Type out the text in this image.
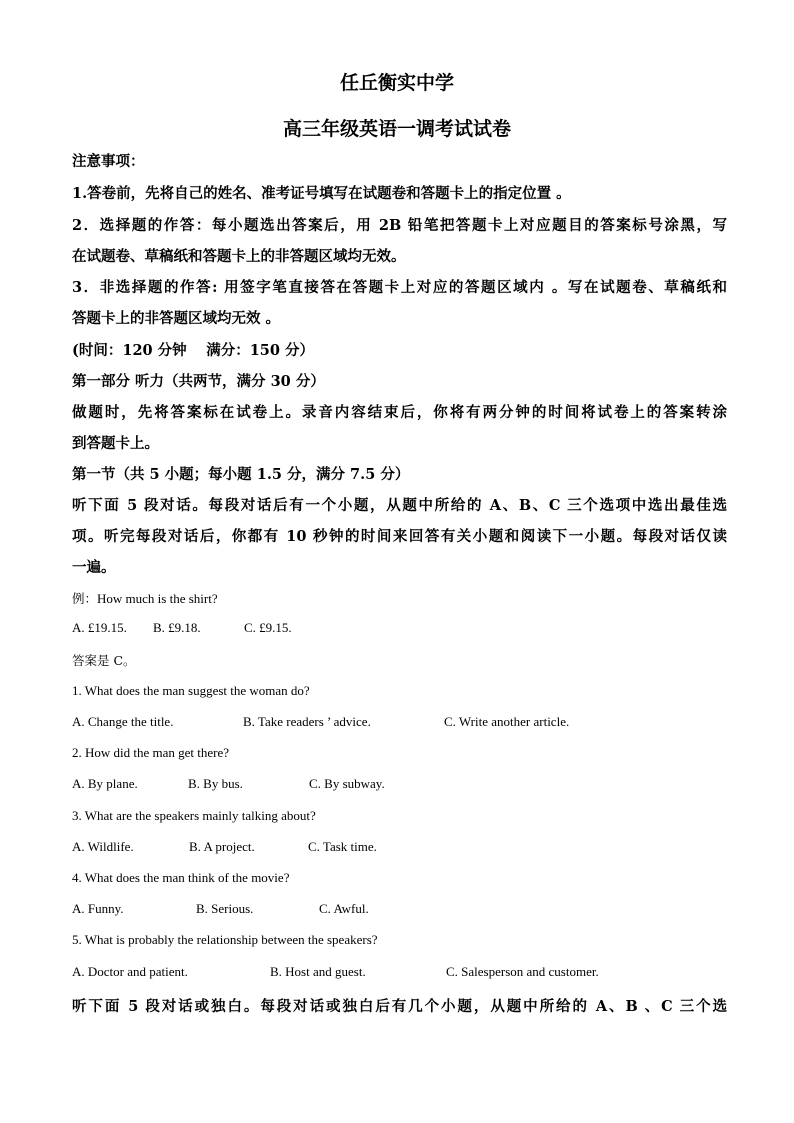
任丘衡实中学
高三年级英语一调考试试卷
注意事项：
1.答卷前，先将自己的姓名、准考证号填写在试题卷和答题卡上的指定位置 。
2．选择题的作答：每小题选出答案后，用 2B 铅笔把答题卡上对应题目的答案标号涂黑，写
在试题卷、草稿纸和答题卡上的非答题区域均无效。
3．非选择题的作答: 用签字笔直接答在答题卡上对应的答题区域内 。写在试题卷、草稿纸和
答题卡上的非答题区域均无效 。
(时间：120 分钟　 满分：150 分）
第一部分 听力（共两节，满分 30 分）
做题时，先将答案标在试卷上。录音内容结束后，你将有两分钟的时间将试卷上的答案转涂
到答题卡上。
第一节（共 5 小题；每小题 1.5 分，满分 7.5 分）
听下面 5 段对话。每段对话后有一个小题，从题中所给的 A、B、C 三个选项中选出最佳选
项。听完每段对话后，你都有 10 秒钟的时间来回答有关小题和阅读下一小题。每段对话仅读
一遍。
例：How much is the shirt?
A. £19.15. B. £9.18.	C. £9.15.
答案是 C。
1. What does the man suggest the woman do?
A. Change the title.	B. Take readers ’ advice.	C. Write another article.
2. How did the man get there?
A. By plane.	B. By bus.	C. By subway.
3. What are the speakers mainly talking about?
A. Wildlife.	B. A project.	C. Task time.
4. What does the man think of the movie?
A. Funny.	B. Serious.	C. Awful.
5. What is probably the relationship between the speakers?
A. Doctor and patient.	B. Host and guest.	C. Salesperson and customer.
听下面 5 段对话或独白。每段对话或独白后有几个小题，从题中所给的 A、B 、C 三个选
